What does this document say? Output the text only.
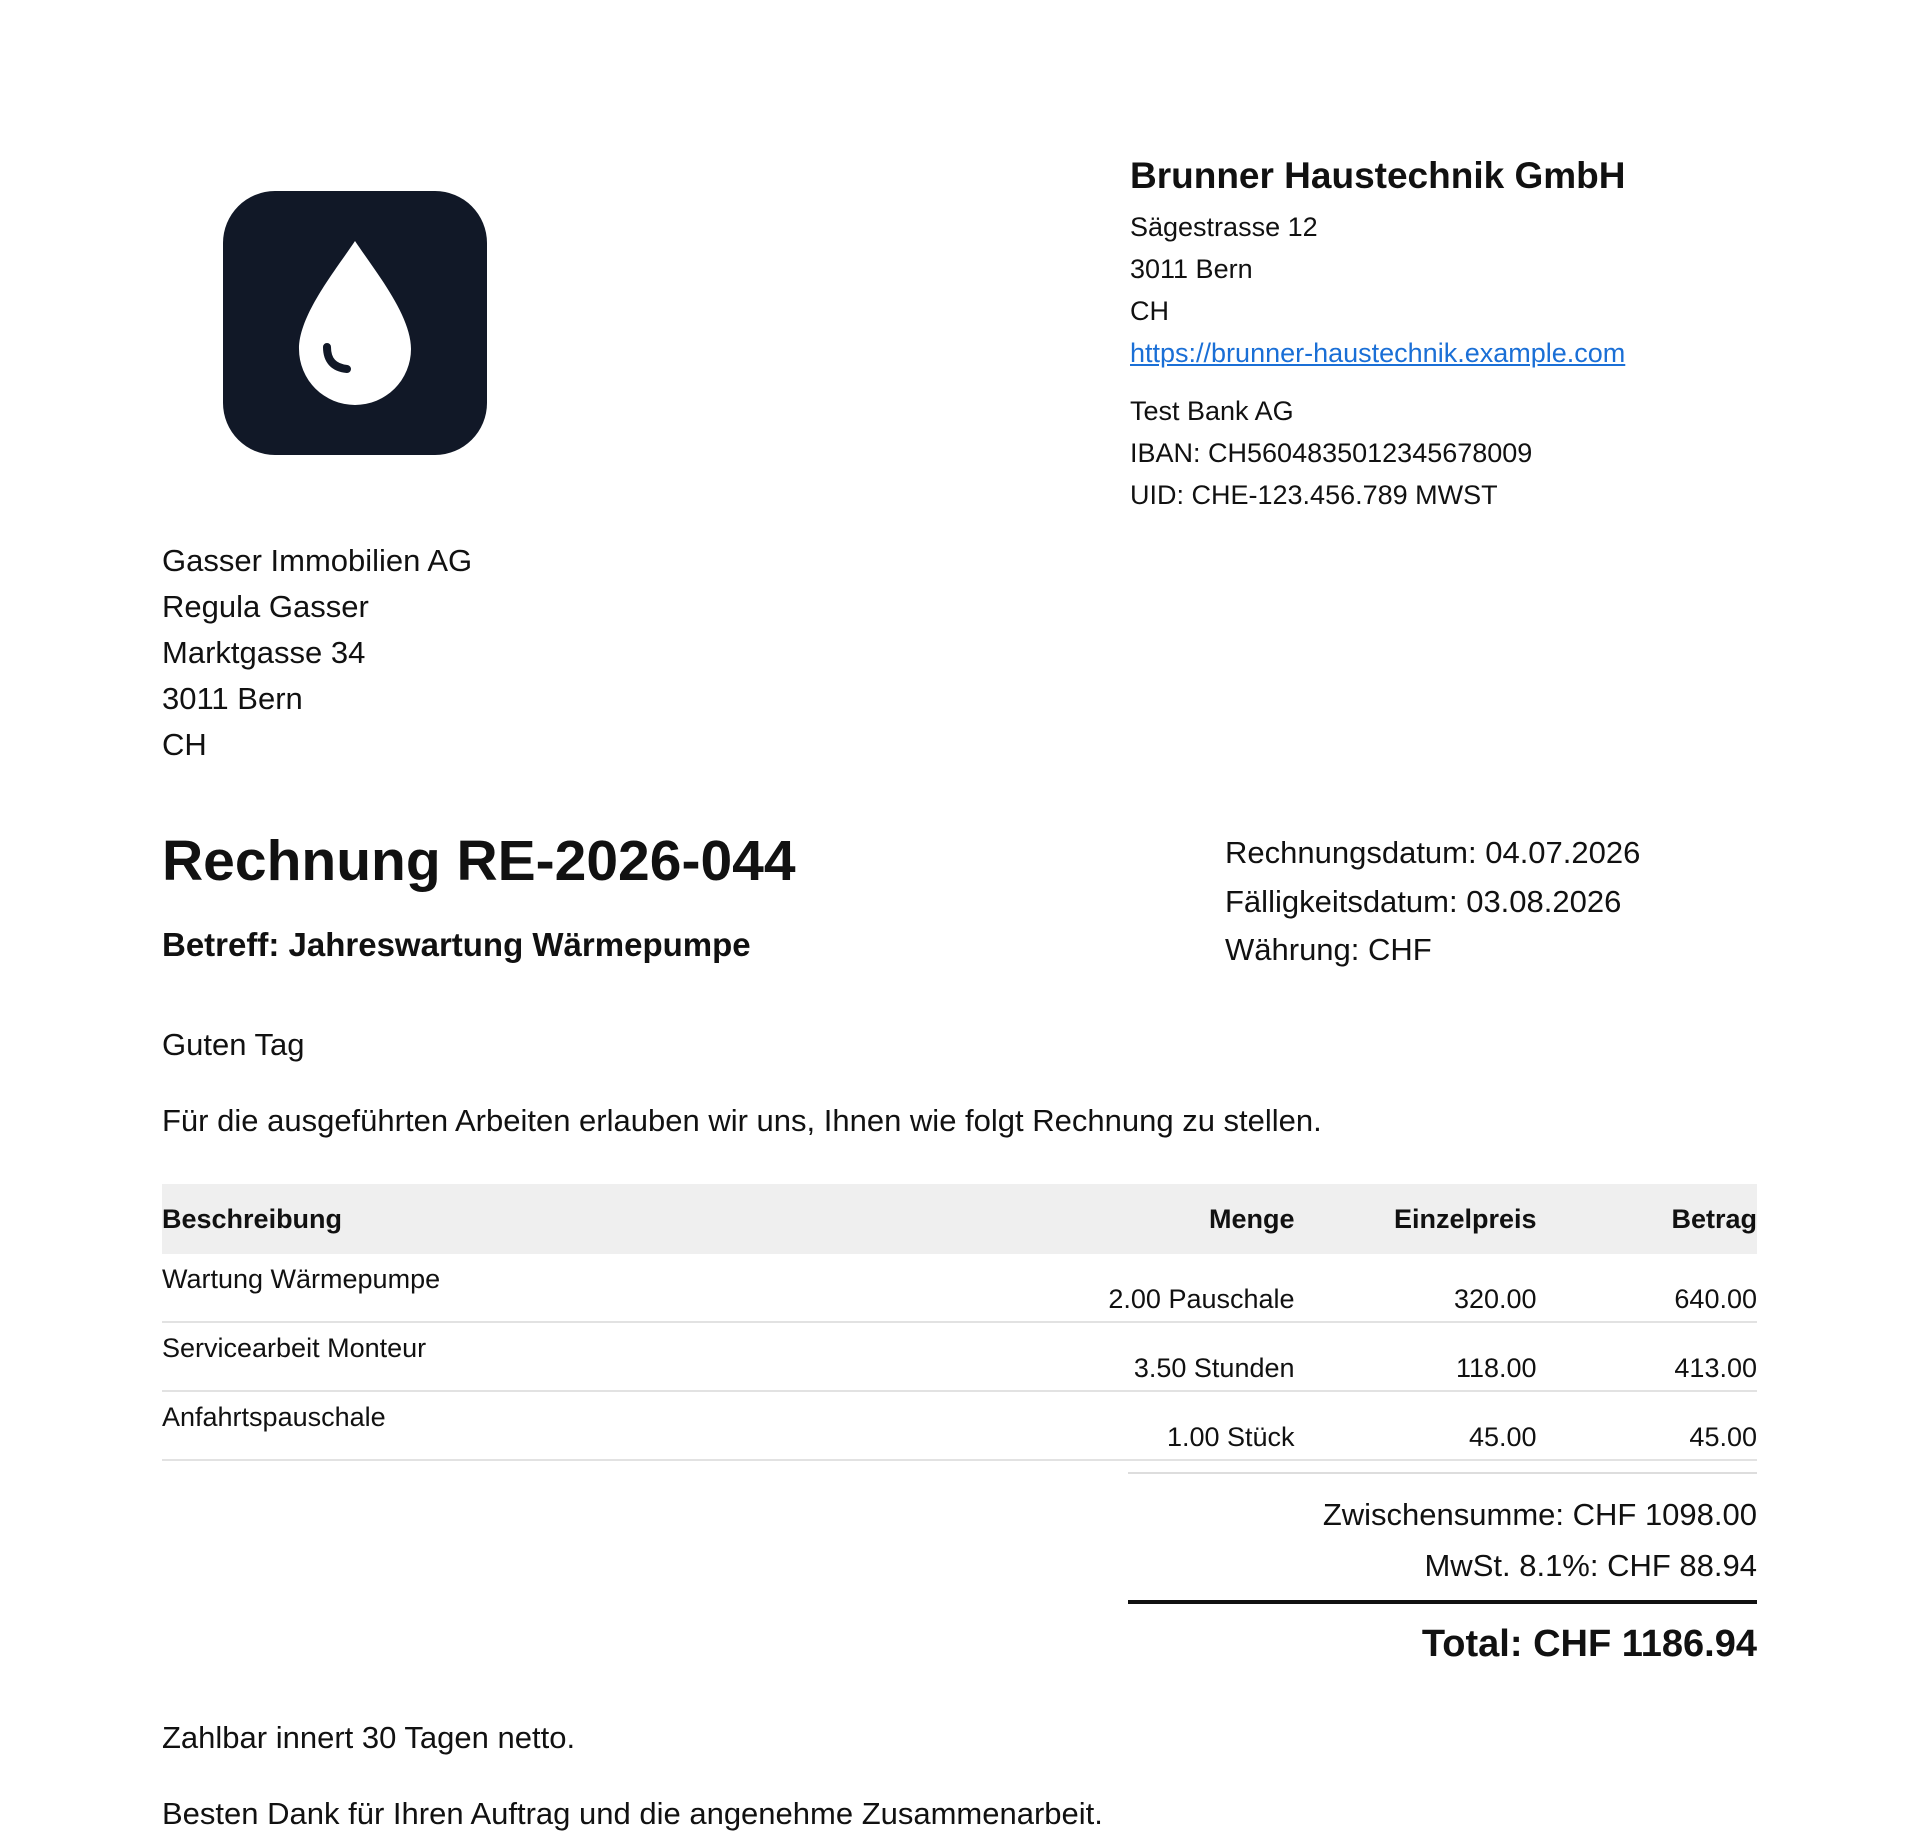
Brunner Haustechnik GmbH
Sägestrasse 12
3011 Bern
CH
https://brunner-haustechnik.example.com
Test Bank AG
IBAN: CH5604835012345678009
UID: CHE-123.456.789 MWST
Gasser Immobilien AG
Regula Gasser
Marktgasse 34
3011 Bern
CH
Rechnung RE-2026-044
Betreff: Jahreswartung Wärmepumpe
Rechnungsdatum: 04.07.2026
Fälligkeitsdatum: 03.08.2026
Währung: CHF
Guten Tag
Für die ausgeführten Arbeiten erlauben wir uns, Ihnen wie folgt Rechnung zu stellen.
Beschreibung	Menge	Einzelpreis	Betrag
Wartung Wärmepumpe	2.00 Pauschale	320.00	640.00
Servicearbeit Monteur	3.50 Stunden	118.00	413.00
Anfahrtspauschale	1.00 Stück	45.00	45.00
Zwischensumme: CHF 1098.00
MwSt. 8.1%: CHF 88.94
Total: CHF 1186.94
Zahlbar innert 30 Tagen netto.
Besten Dank für Ihren Auftrag und die angenehme Zusammenarbeit.
